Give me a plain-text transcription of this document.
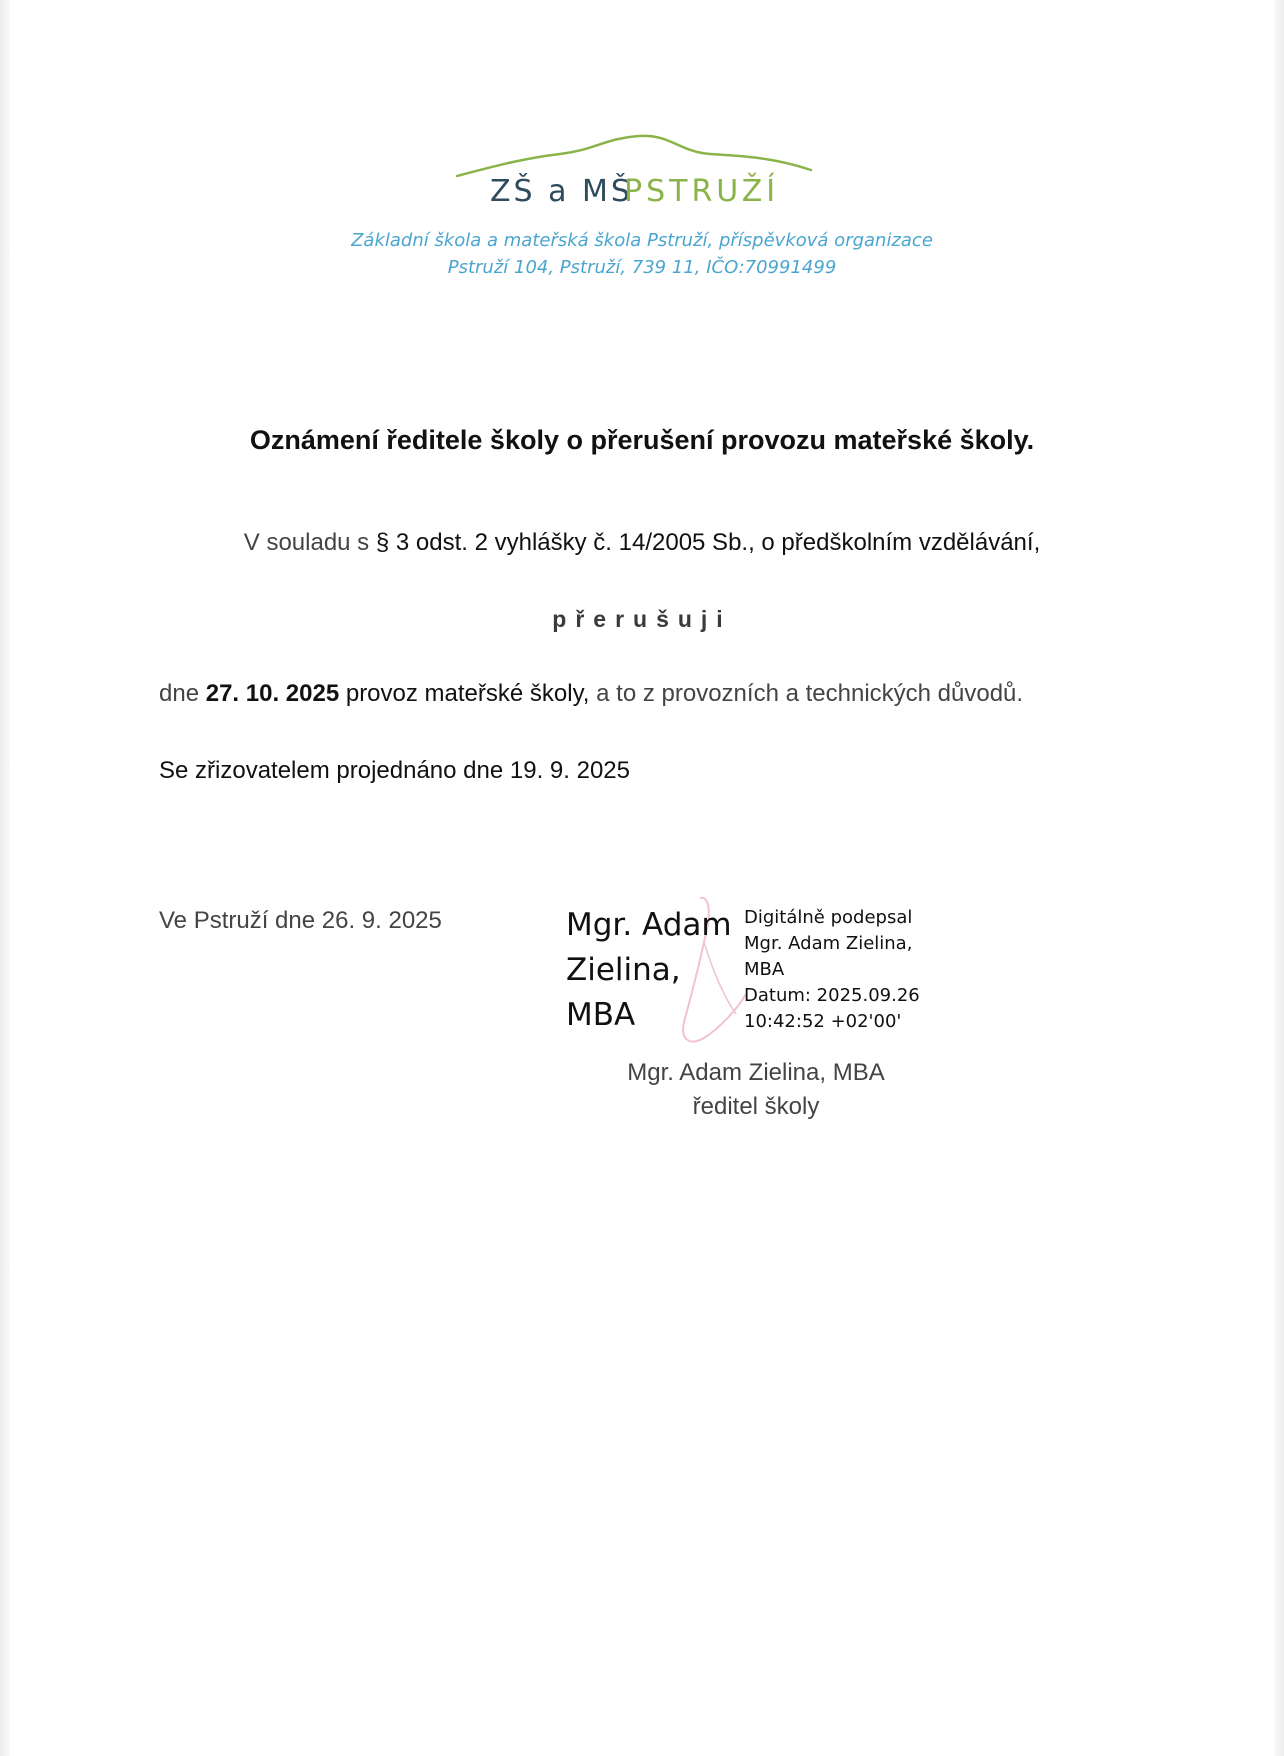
ZŠ a MŠ
PSTRUŽÍ
Základní škola a mateřská škola Pstruží, příspěvková organizace
Pstruží 104, Pstruží, 739 11, IČO:70991499
Oznámení ředitele školy o přerušení provozu mateřské školy.
V souladu s § 3 odst. 2 vyhlášky č. 14/2005 Sb., o předškolním vzdělávání,
přerušuji
dne 27. 10. 2025 provoz mateřské školy, a to z provozních a technických důvodů.
Se zřizovatelem projednáno dne 19. 9. 2025
Ve Pstruží dne 26. 9. 2025	Mgr. Adam
Zielina,
MBA
Digitálně podepsal
Mgr. Adam Zielina,
MBA
Datum: 2025.09.26
10:42:52 +02'00'
Mgr. Adam Zielina, MBA
ředitel školy
